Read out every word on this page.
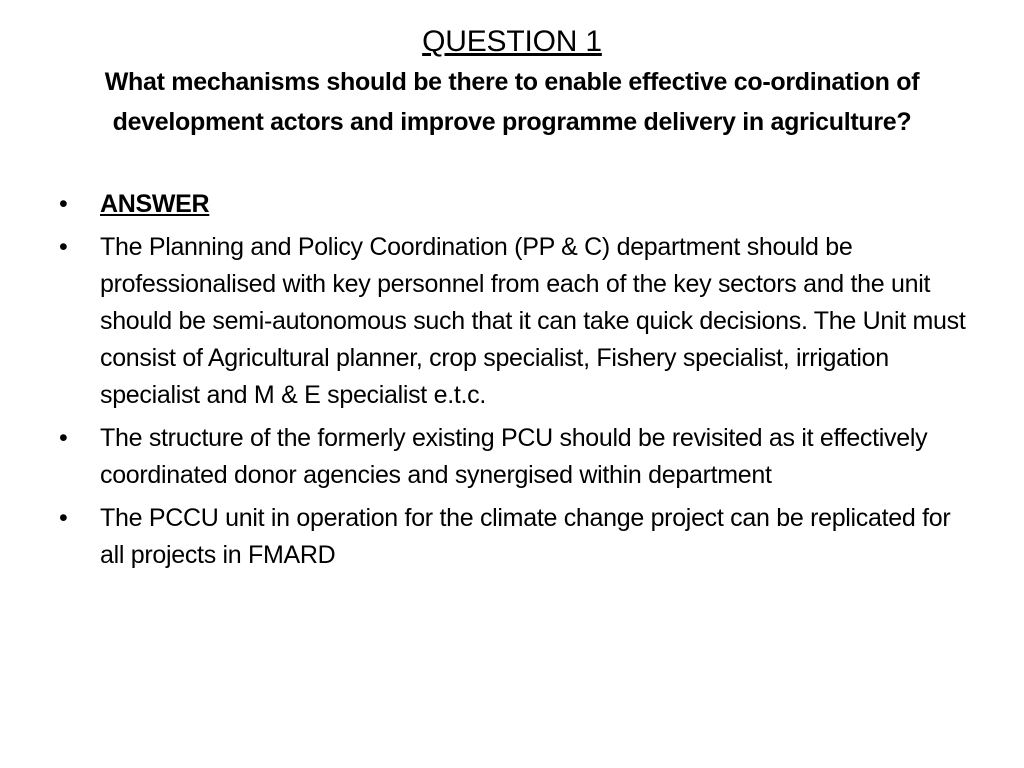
QUESTION 1
What mechanisms should be there to enable effective co-ordination of development actors and improve programme delivery in agriculture?
• ANSWER
• The Planning and Policy Coordination (PP & C) department should be professionalised with key personnel from each of the key sectors and the unit should be semi-autonomous such that it can take quick decisions. The Unit must consist of Agricultural planner, crop specialist, Fishery specialist, irrigation specialist and M & E specialist e.t.c.
• The structure of the formerly existing PCU should be revisited as it effectively coordinated donor agencies and synergised within department
• The PCCU unit in operation for the climate change project can be replicated for all projects in FMARD
